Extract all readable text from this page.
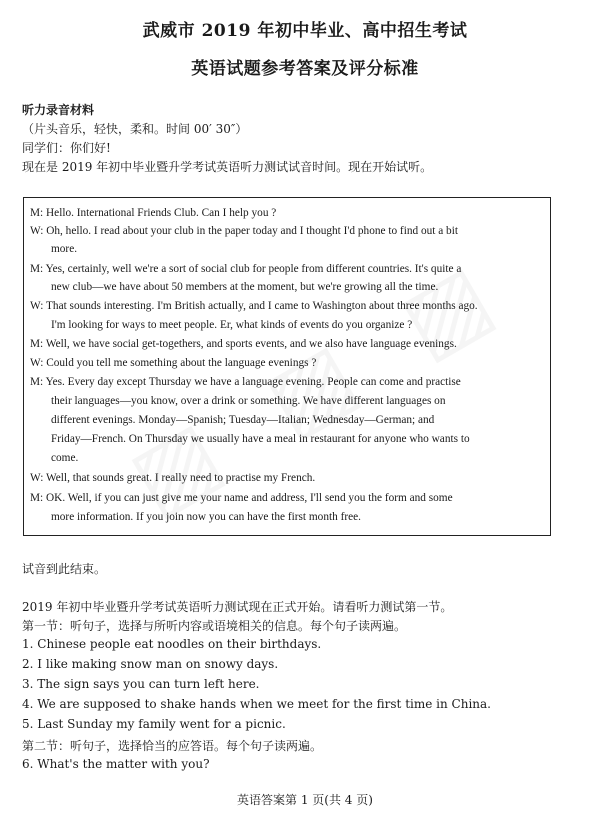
武威市 2019 年初中毕业、高中招生考试
英语试题参考答案及评分标准
听力录音材料
（片头音乐，轻快，柔和。时间 00′ 30″）
同学们：你们好!
现在是 2019 年初中毕业暨升学考试英语听力测试试音时间。现在开始试听。
M: Hello. International Friends Club. Can I help you ?
W: Oh, hello. I read about your club in the paper today and I thought I'd phone to find out a bit
more.
M: Yes, certainly, well we're a sort of social club for people from different countries. It's quite a
new club—we have about 50 members at the moment, but we're growing all the time.
W: That sounds interesting. I'm British actually, and I came to Washington about three months ago.
I'm looking for ways to meet people. Er, what kinds of events do you organize ?
M: Well, we have social get-togethers, and sports events, and we also have language evenings.
W: Could you tell me something about the language evenings ?
M: Yes. Every day except Thursday we have a language evening. People can come and practise
their languages—you know, over a drink or something. We have different languages on
different evenings. Monday—Spanish; Tuesday—Italian; Wednesday—German; and
Friday—French. On Thursday we usually have a meal in restaurant for anyone who wants to
come.
W: Well, that sounds great. I really need to practise my French.
M: OK. Well, if you can just give me your name and address, I'll send you the form and some
more information. If you join now you can have the first month free.
试音到此结束。
2019 年初中毕业暨升学考试英语听力测试现在正式开始。请看听力测试第一节。
第一节：听句子，选择与所听内容或语境相关的信息。每个句子读两遍。
1. Chinese people eat noodles on their birthdays.
2. I like making snow man on snowy days.
3. The sign says you can turn left here.
4. We are supposed to shake hands when we meet for the first time in China.
5. Last Sunday my family went for a picnic.
第二节：听句子，选择恰当的应答语。每个句子读两遍。
6. What's the matter with you?
英语答案第 1 页(共 4 页)
